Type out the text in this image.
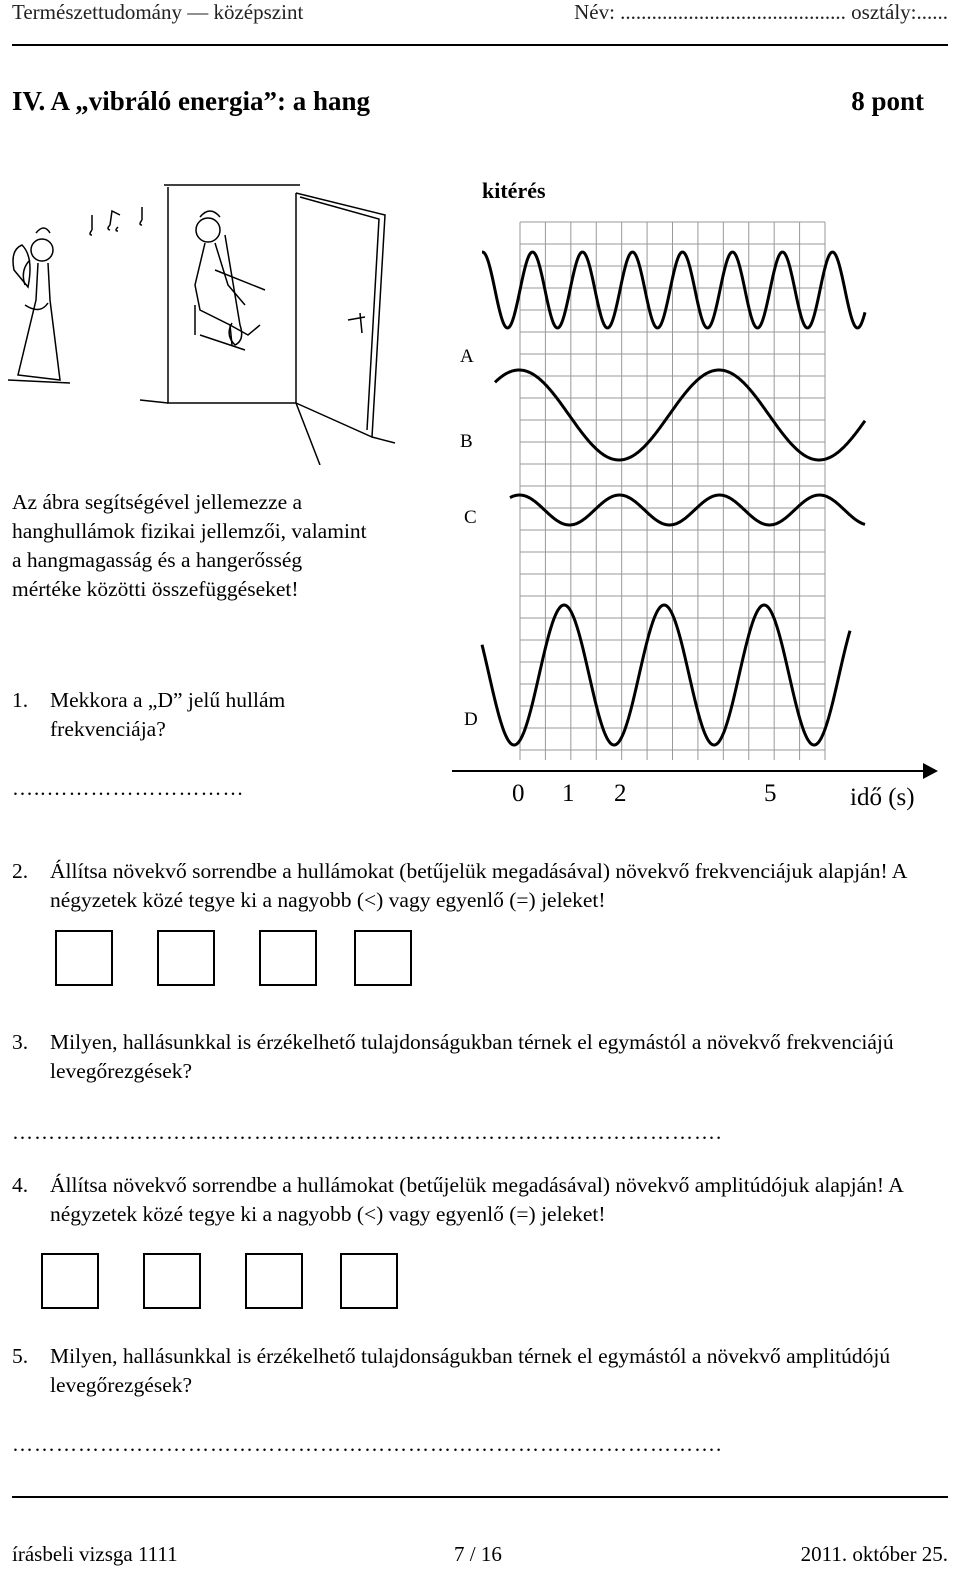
Természettudomány — középszint	Név: ........................................... osztály:......
IV. A „vibráló energia”: a hang	8 pont
kitérés
A
B
C
D
0 1 2	5	idő (s)
Az ábra segítségével jellemezze a hanghullámok fizikai jellemzői, valamint a hangmagasság és a hangerősség mértéke közötti összefüggéseket!
1. Mekkora a „D” jelű hullám frekvenciája?
…..………………………
2. Állítsa növekvő sorrendbe a hullámokat (betűjelük megadásával) növekvő frekvenciájuk alapján! A négyzetek közé tegye ki a nagyobb (<) vagy egyenlő (=) jeleket!
3. Milyen, hallásunkkal is érzékelhető tulajdonságukban térnek el egymástól a növekvő frekvenciájú levegőrezgések?
…………………………………………………………………………………….
4. Állítsa növekvő sorrendbe a hullámokat (betűjelük megadásával) növekvő amplitúdójuk alapján! A négyzetek közé tegye ki a nagyobb (<) vagy egyenlő (=) jeleket!
5. Milyen, hallásunkkal is érzékelhető tulajdonságukban térnek el egymástól a növekvő amplitúdójú levegőrezgések?
…………………………………………………………………………………….
írásbeli vizsga 1111	7 / 16	2011. október 25.
